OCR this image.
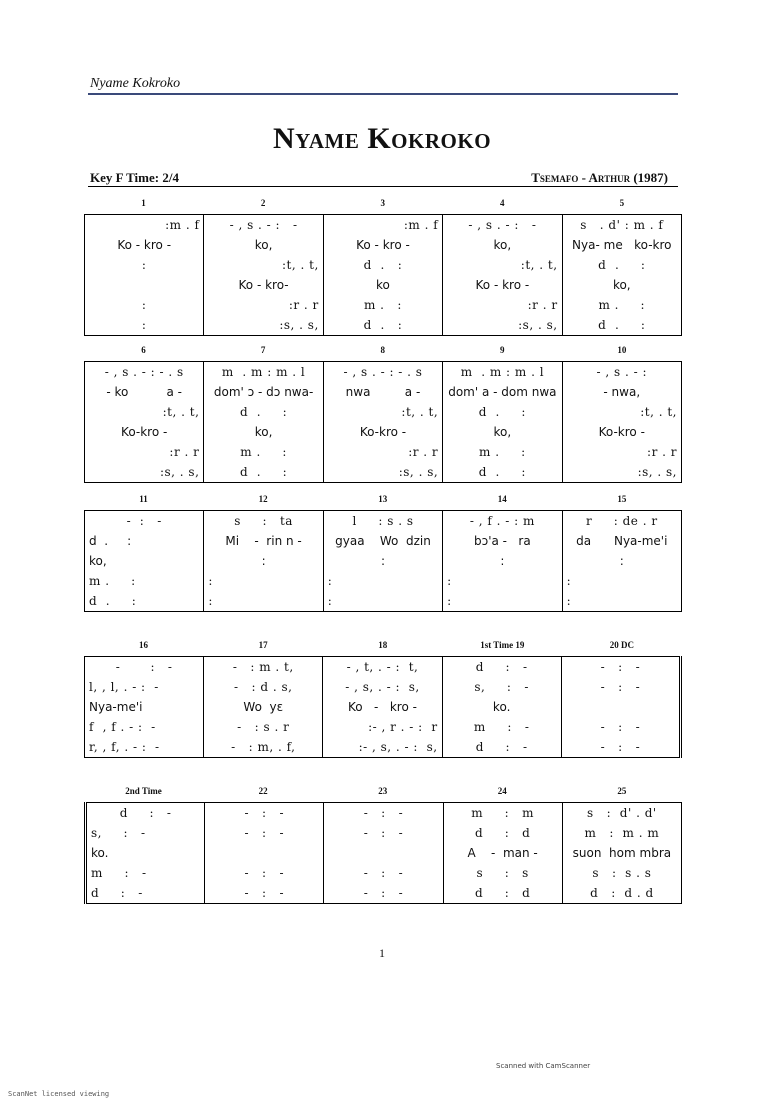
Nyame Kokroko
Nyame Kokroko
Key F Time: 2/4	Tsemafo - Arthur (1987)
1	2	3	4	5
:m . f	- , s . - :   -	:m . f	- , s . - :   -	s   . d' : m . f
Ko - kro -	ko,	Ko - kro -	ko,	Nya- me   ko-kro
:	:t, . t,	d  .   :	:t, . t,	d  .     :
	Ko - kro-	ko	Ko - kro -	ko,
:	:r . r	m .   :	:r . r	m .     :
:	:s, . s,	d  .   :	:s, . s,	d  .     :
6	7	8	9	10
- , s . - : - . s	m  . m : m . l	- , s . - : - . s	m  . m : m . l	- , s . - :
- ko          a -	dom' ɔ - dɔ nwa-	nwa         a -	dom' a - dom nwa	- nwa,
:t, . t,	d  .     :	:t, . t,	d  .     :	:t, . t,
Ko-kro -	ko,	Ko-kro -	ko,	Ko-kro -
:r . r	m .     :	:r . r	m .     :	:r . r
:s, . s,	d  .     :	:s, . s,	d  .     :	:s, . s,
11	12	13	14	15
-  :   -	s     :   ta	l     : s . s	- , f . - : m	r     : de . r
d  .     :	Mi    -  rin n -	gyaa    Wo  dzin	bɔ'a -   ra	da      Nya-me'i
ko,	:	:	:	:
m .     :	:	:	:	:
d  .     :	:	:	:	:
16	17	18	1st Time 19	20 DC
-       :   -	-   : m . t,	- , t, . - :  t,	d     :   -	-   :   -
l, , l, . - :  -	-   : d . s,	- , s, . - :  s,	s,     :   -	-   :   -
Nya-me'i	Wo  yɛ	Ko   -   kro -	ko.	
f  , f . - :  -	-   : s . r	:- , r . - :  r	m     :   -	-   :   -
r, , f, . - :  -	-   : m, . f,	:- , s, . - :  s,	d     :   -	-   :   -
2nd Time	22	23	24	25
d     :   -	-   :   -	-   :   -	m     :   m	s   :  d' . d'
s,     :   -	-   :   -	-   :   -	d     :   d	m   :  m . m
ko.			A    -  man -	suon  hom mbra
m     :   -	-   :   -	-   :   -	s     :   s	s   :  s . s
d     :   -	-   :   -	-   :   -	d     :   d	d   :  d . d
1
Scanned with CamScanner
ScanNet licensed viewing
